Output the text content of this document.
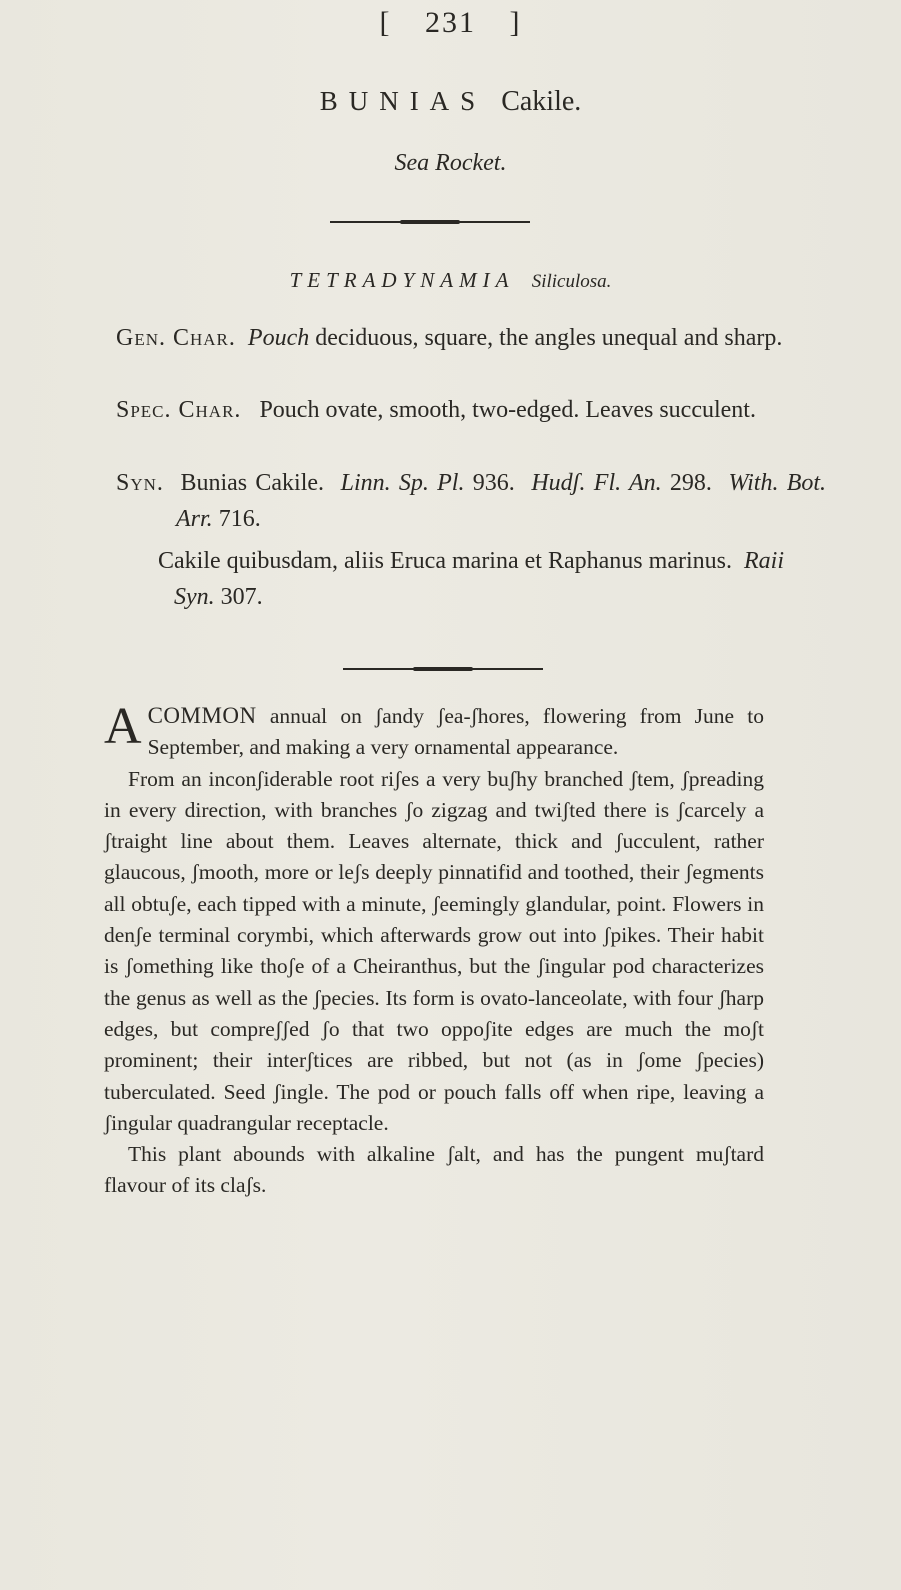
[ 231 ]
BUNIAS Cakile.
Sea Rocket.
TETRADYNAMIA Siliculosa.
Gen. Char. Pouch deciduous, square, the angles unequal and sharp.
Spec. Char. Pouch ovate, smooth, two-edged. Leaves succulent.
Syn. Bunias Cakile. Linn. Sp. Pl. 936. Hudʃ. Fl. An. 298. With. Bot. Arr. 716.
Cakile quibusdam, aliis Eruca marina et Raphanus marinus. Raii Syn. 307.

ACOMMON annual on ʃandy ʃea-ʃhores, flowering from June to September, and making a very ornamental appearance.

From an inconʃiderable root riʃes a very buʃhy branched ʃtem, ʃpreading in every direction, with branches ʃo zigzag and twiʃted there is ʃcarcely a ʃtraight line about them. Leaves alternate, thick and ʃucculent, rather glaucous, ʃmooth, more or leʃs deeply pinnatifid and toothed, their ʃegments all obtuʃe, each tipped with a minute, ʃeemingly glandular, point. Flowers in denʃe terminal corymbi, which afterwards grow out into ʃpikes. Their habit is ʃomething like thoʃe of a Cheiranthus, but the ʃingular pod characterizes the genus as well as the ʃpecies. Its form is ovato-lanceolate, with four ʃharp edges, but compreʃʃed ʃo that two oppoʃite edges are much the moʃt prominent; their interʃtices are ribbed, but not (as in ʃome ʃpecies) tuberculated. Seed ʃingle. The pod or pouch falls off when ripe, leaving a ʃingular quadrangular receptacle.

This plant abounds with alkaline ʃalt, and has the pungent muʃtard flavour of its claʃs.
